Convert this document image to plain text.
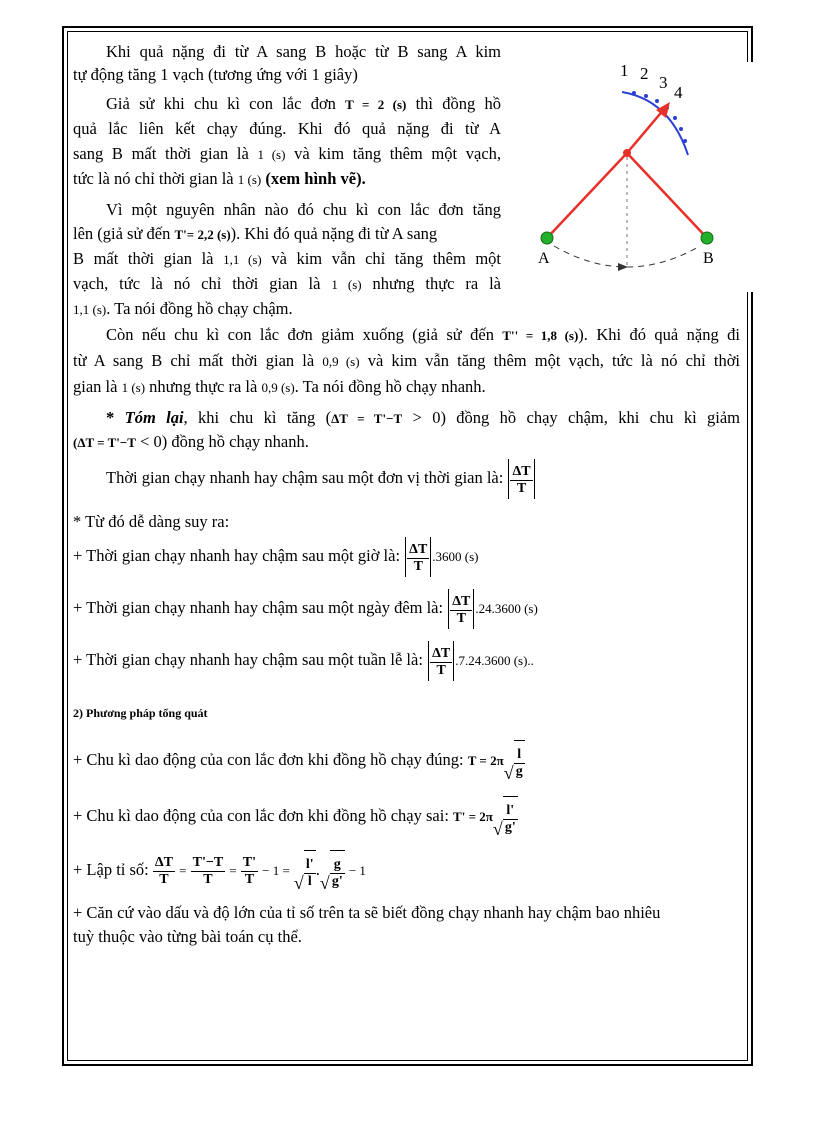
1 2 3
4
A	B
Khi quả nặng đi từ A sang B hoặc từ B sang A kim
tự động tăng 1 vạch (tương ứng với 1 giây)
Giả sử khi chu kì con lắc đơn T = 2 (s) thì đồng hồ
quả lắc liên kết chạy đúng. Khi đó quả nặng đi từ A
sang B mất thời gian là 1 (s) và kim tăng thêm một vạch,
tức là nó chỉ thời gian là 1 (s) (xem hình vẽ).
Vì một nguyên nhân nào đó chu kì con lắc đơn tăng
lên (giả sử đến T'= 2,2 (s)). Khi đó quả nặng đi từ A sang
B mất thời gian là 1,1 (s) và kim vẫn chỉ tăng thêm một
vạch, tức là nó chỉ thời gian là 1 (s) nhưng thực ra là
1,1 (s). Ta nói đồng hồ chạy chậm.
Còn nếu chu kì con lắc đơn giảm xuống (giả sử đến T'' = 1,8 (s)). Khi đó quả nặng đi
từ A sang B chỉ mất thời gian là 0,9 (s) và kim vẫn tăng thêm một vạch, tức là nó chỉ thời
gian là 1 (s) nhưng thực ra là 0,9 (s). Ta nói đồng hồ chạy nhanh.
* Tóm lại, khi chu kì tăng (ΔT = T'−T > 0) đồng hồ chạy chậm, khi chu kì giảm
(ΔT = T'−T < 0) đồng hồ chạy nhanh.
Thời gian chạy nhanh hay chậm sau một đơn vị thời gian là: $\frac{\Delta T}{T}$
* Từ đó dễ dàng suy ra:
+ Thời gian chạy nhanh hay chậm sau một giờ là: $\frac{\Delta T}{T} .3600$ (s)
+ Thời gian chạy nhanh hay chậm sau một ngày đêm là: $\frac{\Delta T}{T} .24.3600$ (s)
+ Thời gian chạy nhanh hay chậm sau một tuần lễ là: $\frac{\Delta T}{T} .7.24.3600$ (s)..
2) Phương pháp tổng quát
+ Chu kì dao động của con lắc đơn khi đồng hồ chạy đúng: T = 2π
√ $\frac{l}{g}$
+ Chu kì dao động của con lắc đơn khi đồng hồ chạy sai: T' = 2π
√ $\frac{l'}{g'}$
+ Lập tỉ số: $\frac{\Delta T}{T} = \frac{T'-T}{T} = \frac{T'}{T} - 1$ =
√ $\frac{l'}{l}$ .
√ $\frac{g}{g'} - 1$
+ Căn cứ vào dấu và độ lớn của tỉ số trên ta sẽ biết đồng chạy nhanh hay chậm bao nhiêu
tuỳ thuộc vào từng bài toán cụ thể.
